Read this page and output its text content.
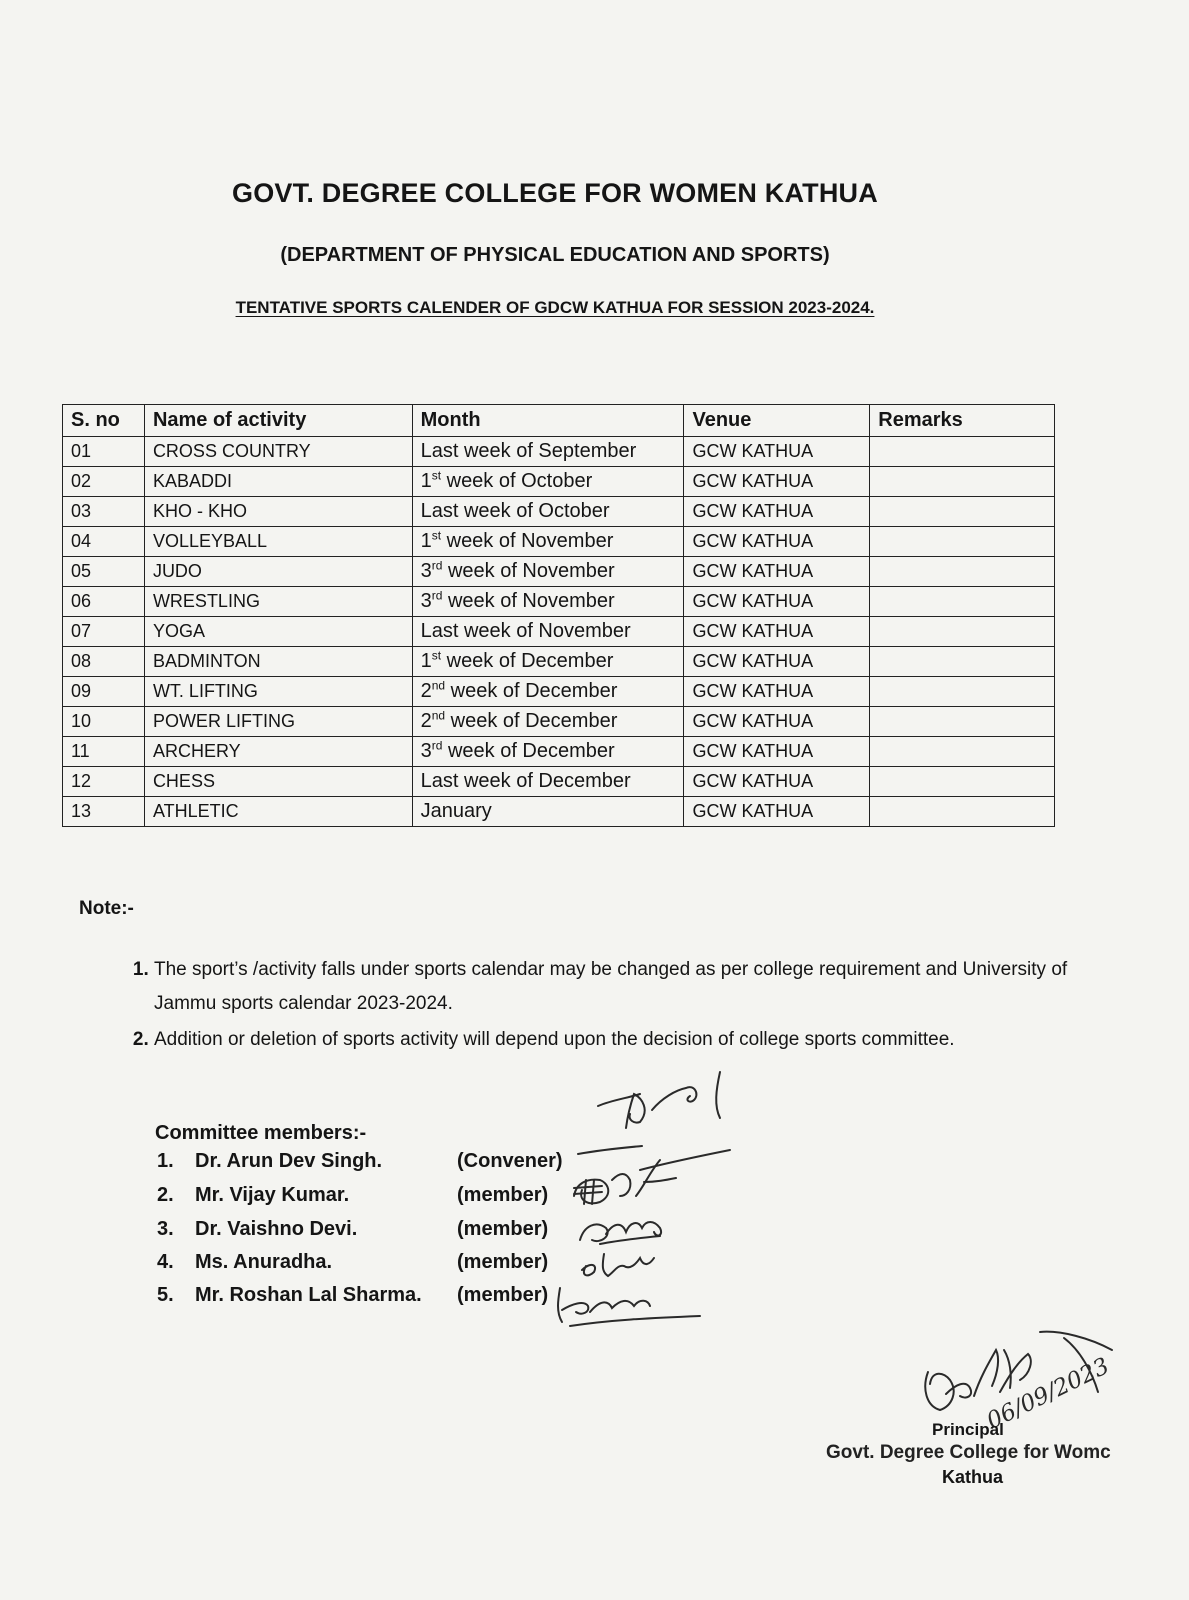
GOVT. DEGREE COLLEGE FOR WOMEN KATHUA
(DEPARTMENT OF PHYSICAL EDUCATION AND SPORTS)
TENTATIVE SPORTS CALENDER OF GDCW KATHUA FOR SESSION 2023-2024.
S. no	Name of activity	Month	Venue	Remarks
01	CROSS COUNTRY	Last week of September	GCW KATHUA	
02	KABADDI	1st week of October	GCW KATHUA	
03	KHO - KHO	Last week of October	GCW KATHUA	
04	VOLLEYBALL	1st week of November	GCW KATHUA	
05	JUDO	3rd week of November	GCW KATHUA	
06	WRESTLING	3rd week of November	GCW KATHUA	
07	YOGA	Last week of November	GCW KATHUA	
08	BADMINTON	1st week of December	GCW KATHUA	
09	WT. LIFTING	2nd week of December	GCW KATHUA	
10	POWER LIFTING	2nd week of December	GCW KATHUA	
11	ARCHERY	3rd week of December	GCW KATHUA	
12	CHESS	Last week of December	GCW KATHUA	
13	ATHLETIC	January	GCW KATHUA	
Note:-
1. The sport’s /activity falls under sports calendar may be changed as per college requirement and University of Jammu sports calendar 2023-2024.
2. Addition or deletion of sports activity will depend upon the decision of college sports committee.
Committee members:-
1. Dr. Arun Dev Singh.	(Convener)
2. Mr. Vijay Kumar.	(member)
3. Dr. Vaishno Devi.	(member)
4. Ms. Anuradha.	(member)
5. Mr. Roshan Lal Sharma. (member)
06/09/2023
Principal
Govt. Degree College for Womc
Kathua
